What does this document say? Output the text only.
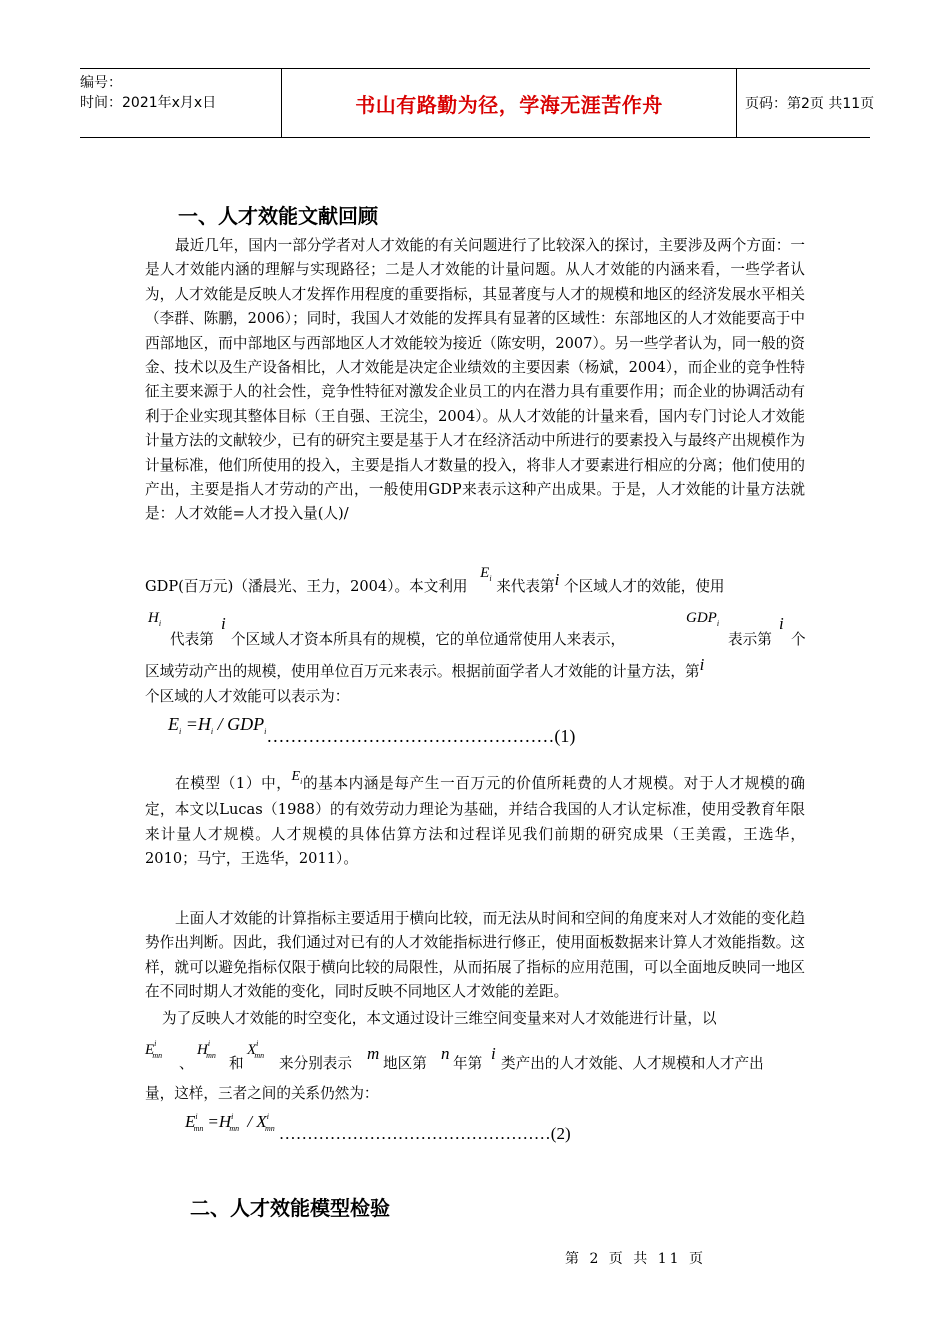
编号：
时间：2021年x月x日	书山有路勤为径，学海无涯苦作舟	页码：第2页 共11页
一、人才效能文献回顾

最近几年，国内一部分学者对人才效能的有关问题进行了比较深入的探讨，主要涉及两个方面：一是人才效能内涵的理解与实现路径；二是人才效能的计量问题。从人才效能的内涵来看，一些学者认为，人才效能是反映人才发挥作用程度的重要指标，其显著度与人才的规模和地区的经济发展水平相关（李群、陈鹏，2006）；同时，我国人才效能的发挥具有显著的区域性：东部地区的人才效能要高于中西部地区，而中部地区与西部地区人才效能较为接近（陈安明，2007）。另一些学者认为，同一般的资金、技术以及生产设备相比，人才效能是决定企业绩效的主要因素（杨斌，2004），而企业的竞争性特征主要来源于人的社会性，竞争性特征对激发企业员工的内在潜力具有重要作用；而企业的协调活动有利于企业实现其整体目标（王自强、王浣尘，2004）。从人才效能的计量来看，国内专门讨论人才效能计量方法的文献较少，已有的研究主要是基于人才在经济活动中所进行的要素投入与最终产出规模作为计量标准，他们所使用的投入，主要是指人才数量的投入，将非人才要素进行相应的分离；他们使用的产出，主要是指人才劳动的产出，一般使用GDP来表示这种产出成果。于是，人才效能的计量方法就是：人才效能=人才投入量(人)/

GDP(百万元)（潘晨光、王力，2004）。本文利用 $E_i$ 来代表第i 个区域人才的效能，使用
$H_i$
代表第
i
个区域人才资本所具有的规模，它的单位通常使用人来表示，
$GDP_i$
表示第
i
个
区域劳动产出的规模，使用单位百万元来表示。根据前面学者人才效能的计量方法，第i
个区域的人才效能可以表示为：
$E_i =H_i$ / $GDP_i\dots\dots\dots\dots\dots\dots\dots\dots\dots\dots\dots\dots\dots\dots\dots\dots(1)$

在模型（1）中，$E_i$的基本内涵是每产生一百万元的价值所耗费的人才规模。对于人才规模的确定，本文以Lucas（1988）的有效劳动力理论为基础，并结合我国的人才认定标准，使用受教育年限来计量人才规模。人才规模的具体估算方法和过程详见我们前期的研究成果（王美霞，王选华，2010；马宁，王选华，2011）。

上面人才效能的计算指标主要适用于横向比较，而无法从时间和空间的角度来对人才效能的变化趋势作出判断。因此，我们通过对已有的人才效能指标进行修正，使用面板数据来计算人才效能指数。这样，就可以避免指标仅限于横向比较的局限性，从而拓展了指标的应用范围，可以全面地反映同一地区在不同时期人才效能的变化，同时反映不同地区人才效能的差距。

为了反映人才效能的时空变化，本文通过设计三维空间变量来对人才效能进行计量，以
$E^i_{mn}$ 、
$H^i_{mn}$ 和
$X^i_{mn}$ 来分别表示
m
地区第
n
年第
i
类产出的人才效能、人才规模和人才产出
量，这样，三者之间的关系仍然为：
$E^i_{mn} =H^i_{mn} / X^i_{mn}$ …………………………………………(2)
二、人才效能模型检验
第 2 页 共 11 页
